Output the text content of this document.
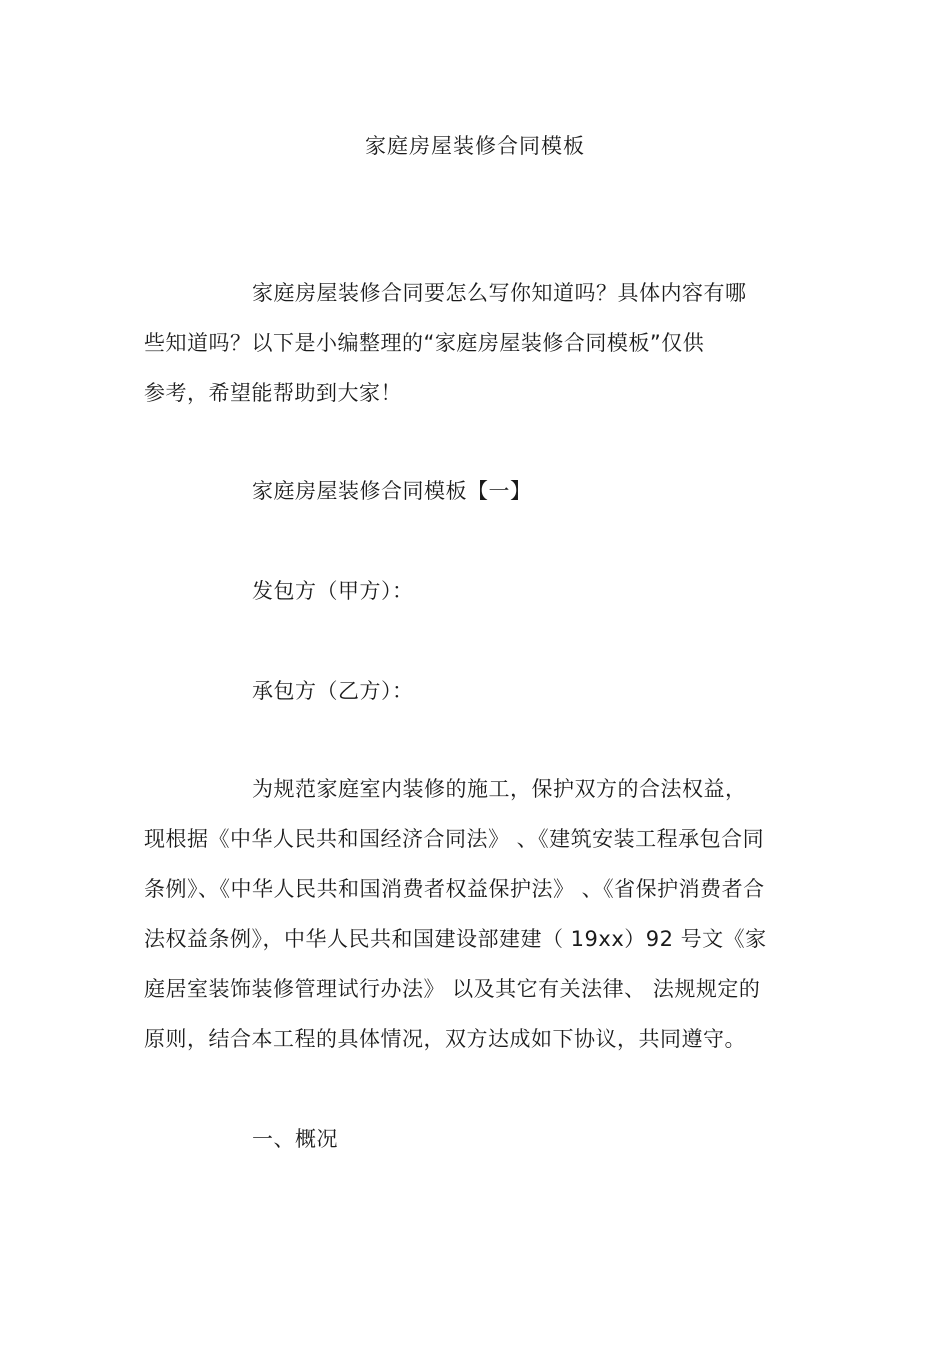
家庭房屋装修合同模板
家庭房屋装修合同要怎么写你知道吗？具体内容有哪
些知道吗？以下是小编整理的“家庭房屋装修合同模板”仅供
参考，希望能帮助到大家！
家庭房屋装修合同模板【一】
发包方（甲方）：
承包方（乙方）：
为规范家庭室内装修的施工，保护双方的合法权益，
现根据《中华人民共和国经济合同法》 、《建筑安装工程承包合同
条例》、《中华人民共和国消费者权益保护法》 、《省保护消费者合
法权益条例》，中华人民共和国建设部建建（ 19xx）92 号文《家
庭居室装饰装修管理试行办法》 以及其它有关法律、 法规规定的
原则，结合本工程的具体情况，双方达成如下协议，共同遵守。
一、概况
